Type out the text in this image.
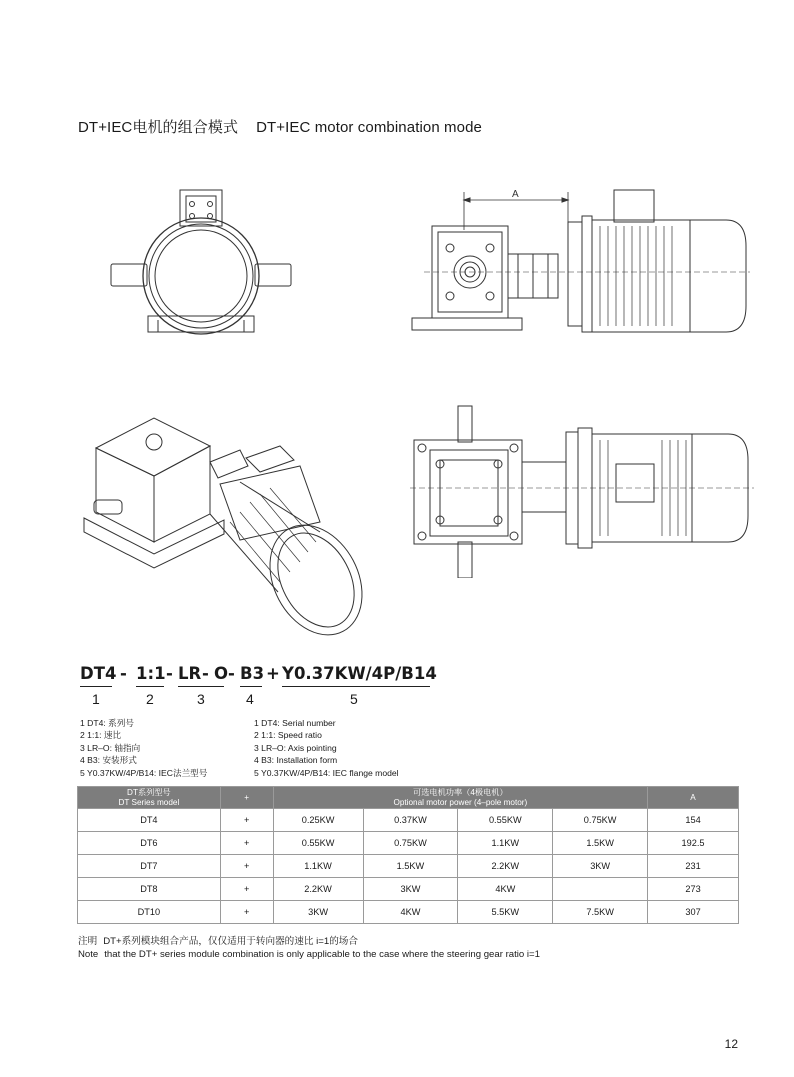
DT+IEC电机的组合模式 DT+IEC motor combination mode
A
DT4 - 1:1 - LR - O - B3 + Y0.37KW/4P/B14
1	2	3	4	5
1 DT4: 系列号
2 1:1: 速比
3 LR–O: 轴指向
4 B3: 安装形式
5 Y0.37KW/4P/B14: IEC法兰型号
1 DT4: Serial number
2 1:1: Speed ratio
3 LR–O: Axis pointing
4 B3: Installation form
5 Y0.37KW/4P/B14: IEC flange model
DT系列型号
DT Series model	+	可选电机功率（4极电机）
Optional motor power (4–pole motor)				A
DT4	+	0.25KW	0.37KW	0.55KW	0.75KW	154
DT6	+	0.55KW	0.75KW	1.1KW	1.5KW	192.5
DT7	+	1.1KW	1.5KW	2.2KW	3KW	231
DT8	+	2.2KW	3KW	4KW		273
DT10	+	3KW	4KW	5.5KW	7.5KW	307
注明 DT+系列模块组合产品，仅仅适用于转向器的速比 i=1的场合
Note that the DT+ series module combination is only applicable to the case where the steering gear ratio i=1
12
